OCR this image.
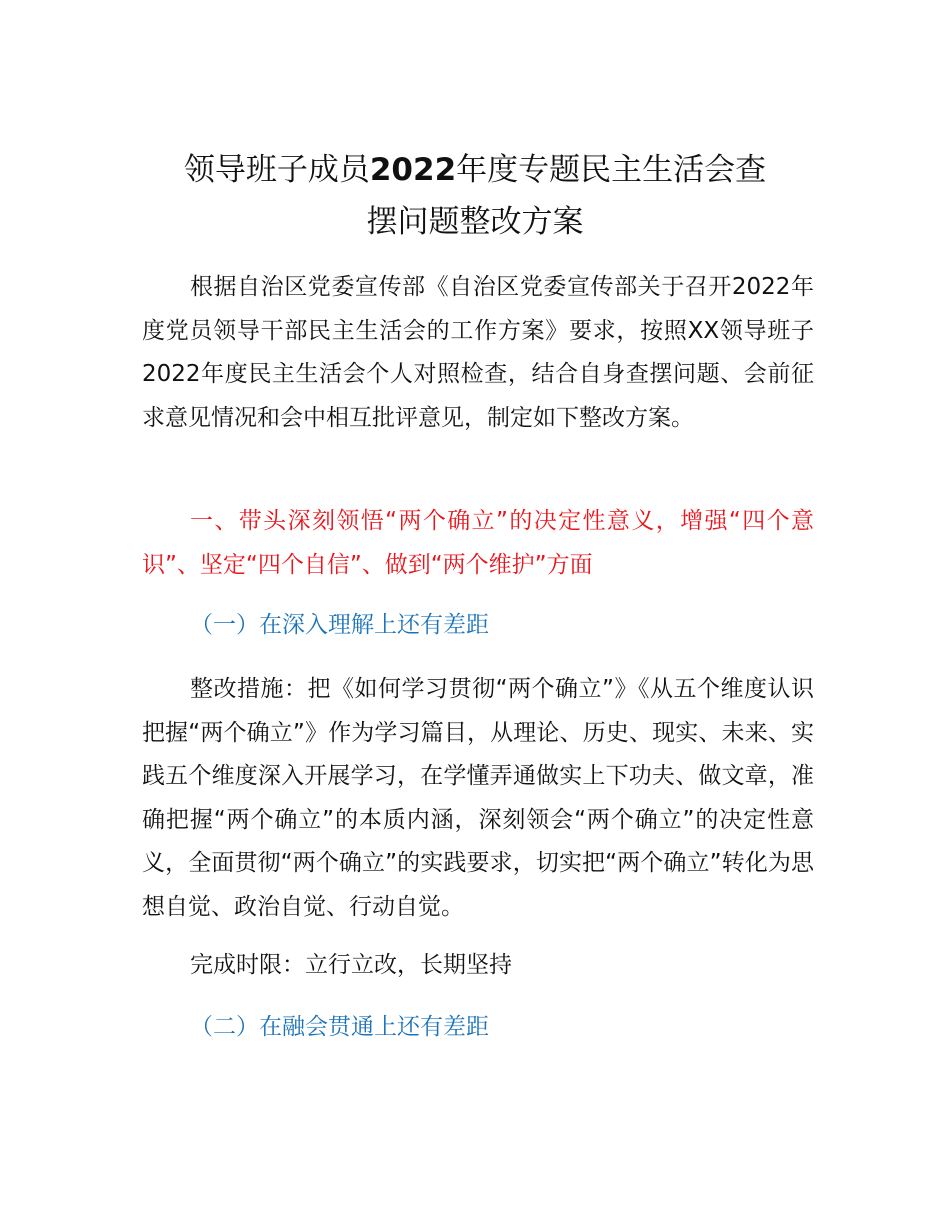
领导班子成员2022年度专题民主生活会查
摆问题整改方案

根据自治区党委宣传部《自治区党委宣传部关于召开2022年度党员领导干部民主生活会的工作方案》要求，按照XX领导班子2022年度民主生活会个人对照检查，结合自身查摆问题、会前征求意见情况和会中相互批评意见，制定如下整改方案。

一、带头深刻领悟“两个确立”的决定性意义，增强“四个意识”、坚定“四个自信”、做到“两个维护”方面

（一）在深入理解上还有差距

整改措施：把《如何学习贯彻“两个确立”》《从五个维度认识把握“两个确立”》作为学习篇目，从理论、历史、现实、未来、实践五个维度深入开展学习，在学懂弄通做实上下功夫、做文章，准确把握“两个确立”的本质内涵，深刻领会“两个确立”的决定性意义，全面贯彻“两个确立”的实践要求，切实把“两个确立”转化为思想自觉、政治自觉、行动自觉。

完成时限：立行立改，长期坚持

（二）在融会贯通上还有差距
